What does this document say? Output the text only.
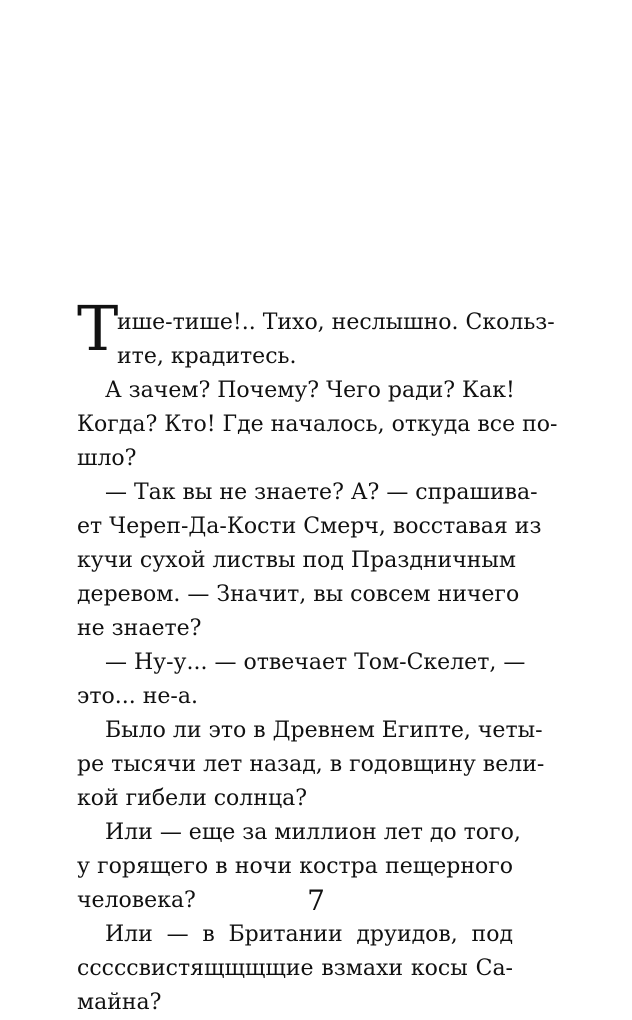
Т
ише-тише!.. Тихо, неслышно. Скольз-
ите, крадитесь.
А зачем? Почему? Чего ради? Как!
Когда? Кто! Где началось, откуда все по-
шло?
— Так вы не знаете? А? — спрашива-
ет Череп-Да-Кости Смерч, восставая из
кучи сухой листвы под Праздничным
деревом. — Значит, вы совсем ничего
не знаете?
— Ну-у... — отвечает Том-Скелет, —
это... не-а.
Было ли это в Древнем Египте, четы-
ре тысячи лет назад, в годовщину вели-
кой гибели солнца?
Или — еще за миллион лет до того,
у горящего в ночи костра пещерного
человека?
Или — в Британии друидов, под
сссссвистящщщщие взмахи косы Са-
майна?
7
